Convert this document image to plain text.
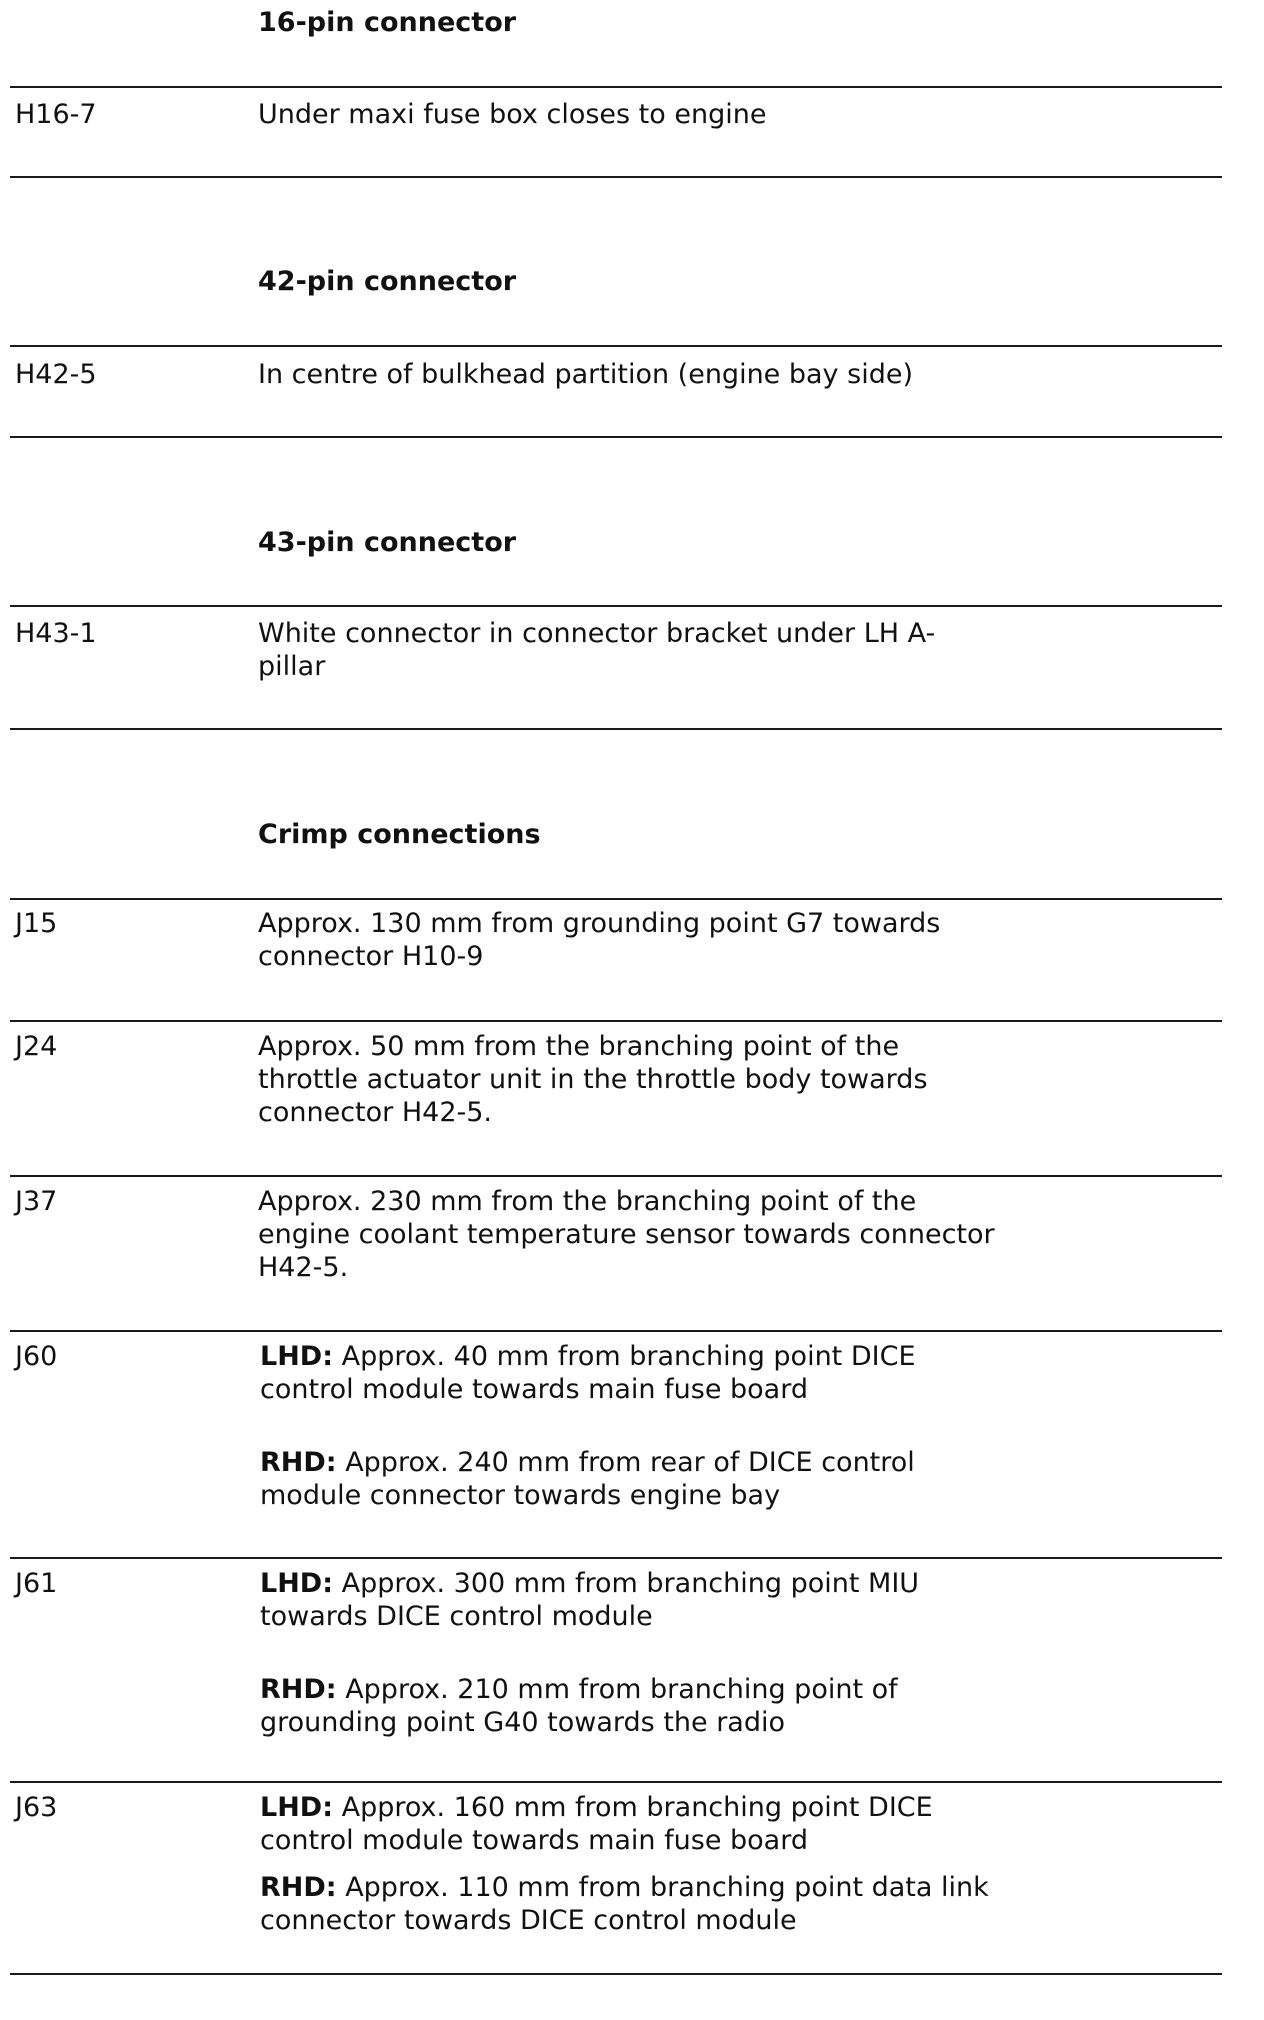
16-pin connector
H16-7	Under maxi fuse box closes to engine
42-pin connector
H42-5	In centre of bulkhead partition (engine bay side)
43-pin connector
H43-1	White connector in connector bracket under LH A-
pillar
Crimp connections
J15	Approx. 130 mm from grounding point G7 towards
connector H10-9
J24	Approx. 50 mm from the branching point of the
throttle actuator unit in the throttle body towards
connector H42-5.
J37	Approx. 230 mm from the branching point of the
engine coolant temperature sensor towards connector
H42-5.
J60	LHD: Approx. 40 mm from branching point DICE
control module towards main fuse board
RHD: Approx. 240 mm from rear of DICE control
module connector towards engine bay
J61	LHD: Approx. 300 mm from branching point MIU
towards DICE control module
RHD: Approx. 210 mm from branching point of
grounding point G40 towards the radio
J63	LHD: Approx. 160 mm from branching point DICE
control module towards main fuse board
RHD: Approx. 110 mm from branching point data link
connector towards DICE control module
